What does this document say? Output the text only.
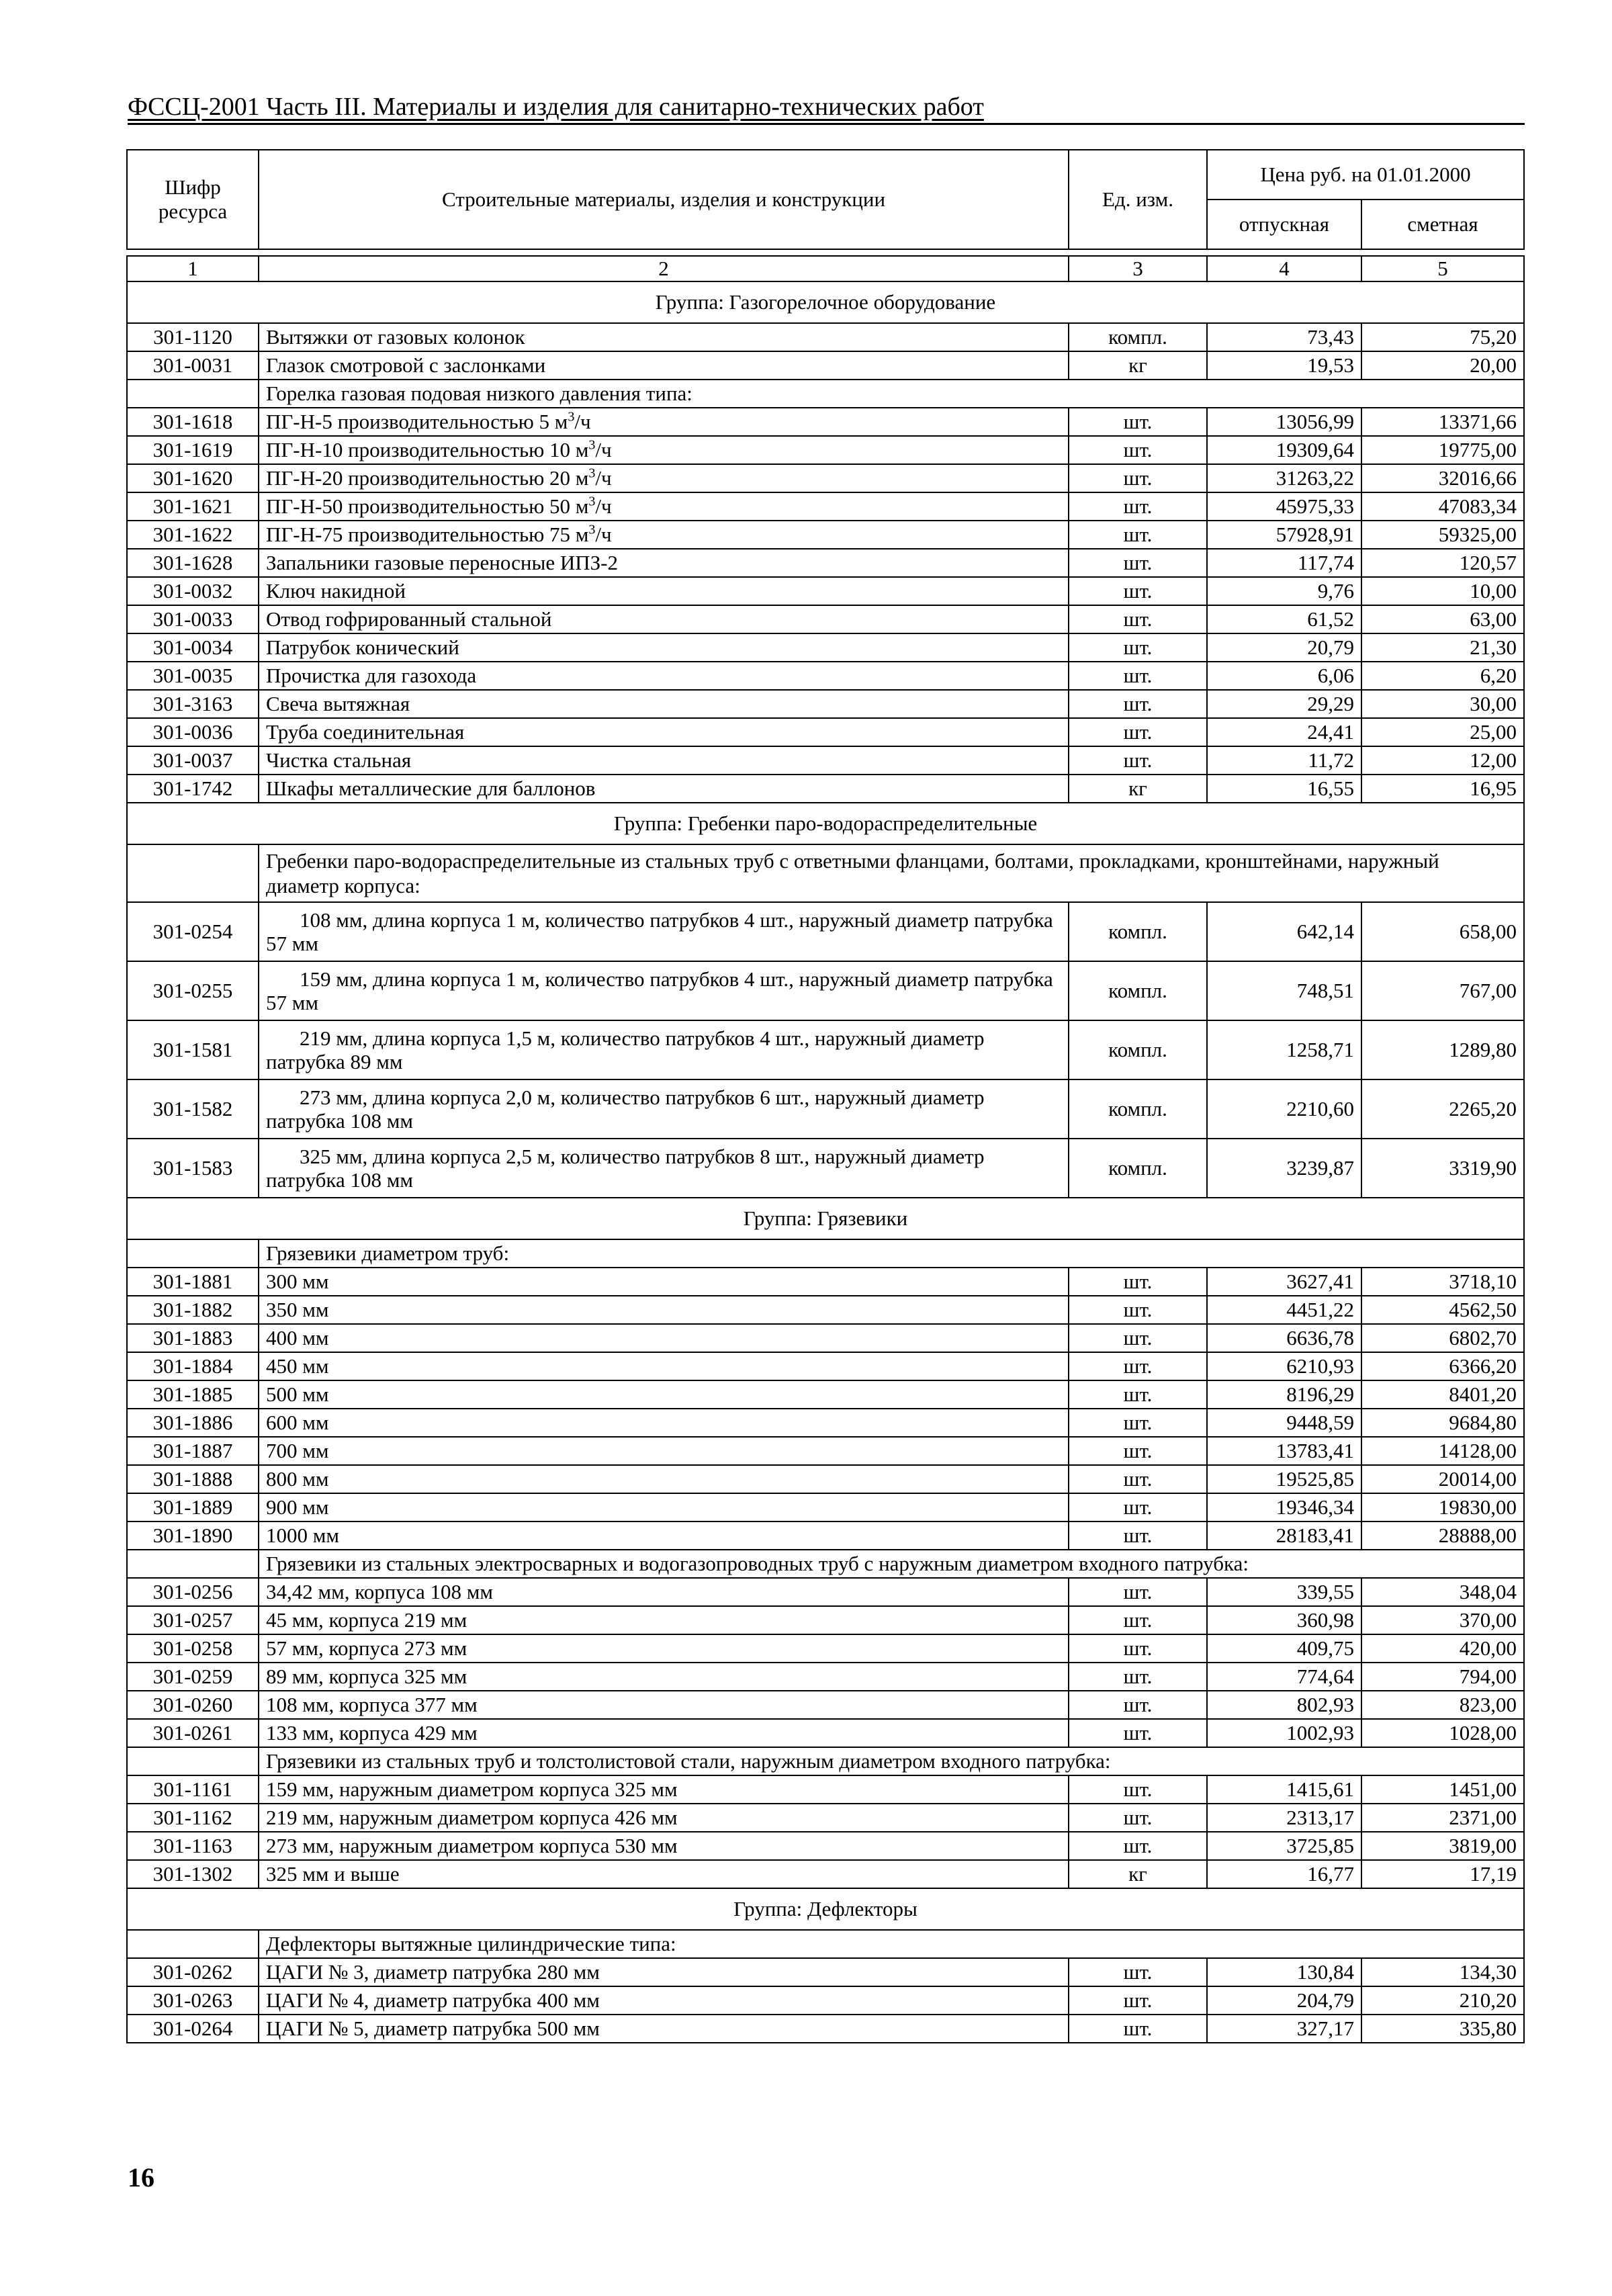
ФССЦ-2001 Часть III. Материалы и изделия для санитарно-технических работ
Шифр ресурса	Строительные материалы, изделия и конструкции	Ед. изм.	Цена руб. на 01.01.2000	
			отпускная	сметная

1	2	3	4	5
Группа: Газогорелочное оборудование				
301-1120	Вытяжки от газовых колонок	компл.	73,43	75,20
301-0031	Глазок смотровой с заслонками	кг	19,53	20,00
	Горелка газовая подовая низкого давления типа:			
301-1618	ПГ-Н-5 производительностью 5 $м^3/ч$	шт.	13056,99	13371,66
301-1619	ПГ-Н-10 производительностью 10 $м^3/ч$	шт.	19309,64	19775,00
301-1620	ПГ-Н-20 производительностью 20 $м^3/ч$	шт.	31263,22	32016,66
301-1621	ПГ-Н-50 производительностью 50 $м^3/ч$	шт.	45975,33	47083,34
301-1622	ПГ-Н-75 производительностью 75 $м^3/ч$	шт.	57928,91	59325,00
301-1628	Запальники газовые переносные ИПЗ-2	шт.	117,74	120,57
301-0032	Ключ накидной	шт.	9,76	10,00
301-0033	Отвод гофрированный стальной	шт.	61,52	63,00
301-0034	Патрубок конический	шт.	20,79	21,30
301-0035	Прочистка для газохода	шт.	6,06	6,20
301-3163	Свеча вытяжная	шт.	29,29	30,00
301-0036	Труба соединительная	шт.	24,41	25,00
301-0037	Чистка стальная	шт.	11,72	12,00
301-1742	Шкафы металлические для баллонов	кг	16,55	16,95
Группа: Гребенки паро-водораспределительные				
	Гребенки паро-водораспределительные из стальных труб с ответными фланцами, болтами, прокладками, кронштейнами, наружный диаметр корпуса:			
301-0254	108 мм, длина корпуса 1 м, количество патрубков 4 шт., наружный диаметр патрубка 57 мм	компл.	642,14	658,00
301-0255	159 мм, длина корпуса 1 м, количество патрубков 4 шт., наружный диаметр патрубка 57 мм	компл.	748,51	767,00
301-1581	219 мм, длина корпуса 1,5 м, количество патрубков 4 шт., наружный диаметр патрубка 89 мм	компл.	1258,71	1289,80
301-1582	273 мм, длина корпуса 2,0 м, количество патрубков 6 шт., наружный диаметр патрубка 108 мм	компл.	2210,60	2265,20
301-1583	325 мм, длина корпуса 2,5 м, количество патрубков 8 шт., наружный диаметр патрубка 108 мм	компл.	3239,87	3319,90
Группа: Грязевики				
	Грязевики диаметром труб:			
301-1881	300 мм	шт.	3627,41	3718,10
301-1882	350 мм	шт.	4451,22	4562,50
301-1883	400 мм	шт.	6636,78	6802,70
301-1884	450 мм	шт.	6210,93	6366,20
301-1885	500 мм	шт.	8196,29	8401,20
301-1886	600 мм	шт.	9448,59	9684,80
301-1887	700 мм	шт.	13783,41	14128,00
301-1888	800 мм	шт.	19525,85	20014,00
301-1889	900 мм	шт.	19346,34	19830,00
301-1890	1000 мм	шт.	28183,41	28888,00
	Грязевики из стальных электросварных и водогазопроводных труб с наружным диаметром входного патрубка:			
301-0256	34,42 мм, корпуса 108 мм	шт.	339,55	348,04
301-0257	45 мм, корпуса 219 мм	шт.	360,98	370,00
301-0258	57 мм, корпуса 273 мм	шт.	409,75	420,00
301-0259	89 мм, корпуса 325 мм	шт.	774,64	794,00
301-0260	108 мм, корпуса 377 мм	шт.	802,93	823,00
301-0261	133 мм, корпуса 429 мм	шт.	1002,93	1028,00
	Грязевики из стальных труб и толстолистовой стали, наружным диаметром входного патрубка:			
301-1161	159 мм, наружным диаметром корпуса 325 мм	шт.	1415,61	1451,00
301-1162	219 мм, наружным диаметром корпуса 426 мм	шт.	2313,17	2371,00
301-1163	273 мм, наружным диаметром корпуса 530 мм	шт.	3725,85	3819,00
301-1302	325 мм и выше	кг	16,77	17,19
Группа: Дефлекторы				
	Дефлекторы вытяжные цилиндрические типа:			
301-0262	ЦАГИ № 3, диаметр патрубка 280 мм	шт.	130,84	134,30
301-0263	ЦАГИ № 4, диаметр патрубка 400 мм	шт.	204,79	210,20
301-0264	ЦАГИ № 5, диаметр патрубка 500 мм	шт.	327,17	335,80
16
